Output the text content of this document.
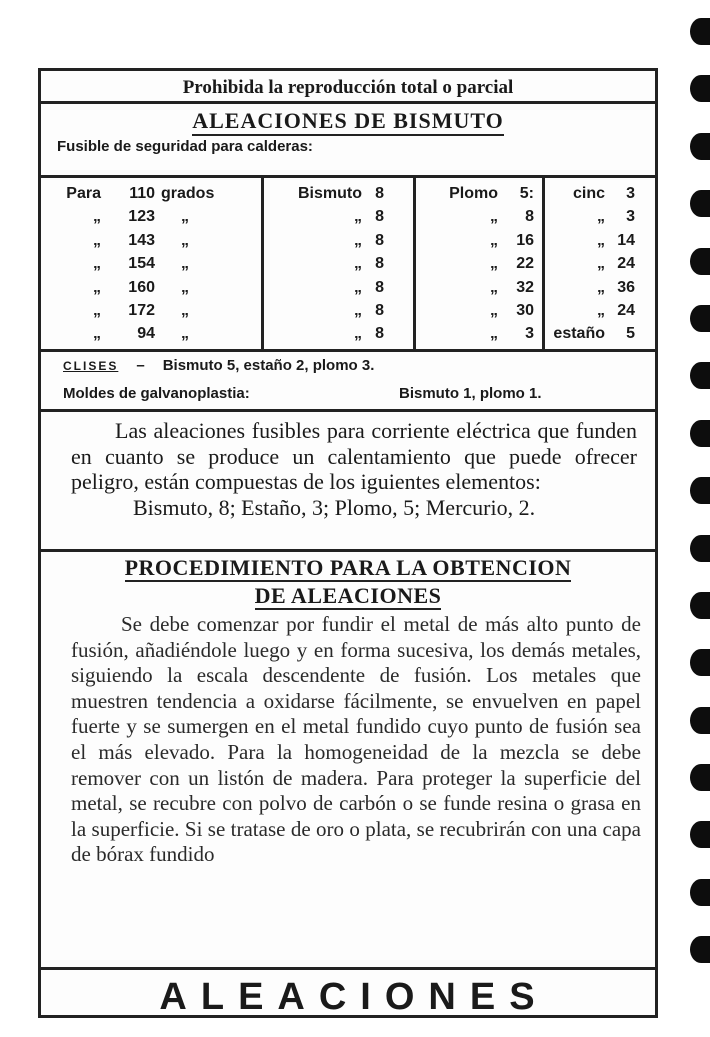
Prohibida la reproducción total o parcial
ALEACIONES DE BISMUTO
Fusible de seguridad para calderas:
Para 110 grados
„ 123 „
„ 143 „
„ 154 „
„ 160 „
„ 172 „
„ 94 „
Bismuto 8
„ 8
„ 8
„ 8
„ 8
„ 8
„ 8
Plomo 5:
„ 8
„ 16
„ 22
„ 32
„ 30
„ 3
cinc 3
„ 3
„ 14
„ 24
„ 36
„ 24
estaño 5
CLISES – Bismuto 5, estaño 2, plomo 3.
Moldes de galvanoplastia:	Bismuto 1, plomo 1.

Las aleaciones fusibles para corriente eléctrica que funden en cuanto se produce un calentamiento que puede ofrecer peligro, están compuestas de los iguientes elementos:

Bismuto, 8; Estaño, 3; Plomo, 5; Mercurio, 2.

PROCEDIMIENTO PARA LA OBTENCION
DE ALEACIONES

Se debe comenzar por fundir el metal de más alto punto de fusión, añadiéndole luego y en forma sucesiva, los demás metales, siguiendo la escala descendente de fusión. Los metales que muestren tendencia a oxidarse fácilmente, se envuelven en papel fuerte y se sumergen en el metal fundido cuyo punto de fusión sea el más elevado. Para la homogeneidad de la mezcla se debe remover con un listón de madera. Para proteger la superficie del metal, se recubre con polvo de carbón o se funde resina o grasa en la superficie. Si se tratase de oro o plata, se recubrirán con una capa de bórax fundido

ALEACIONES
